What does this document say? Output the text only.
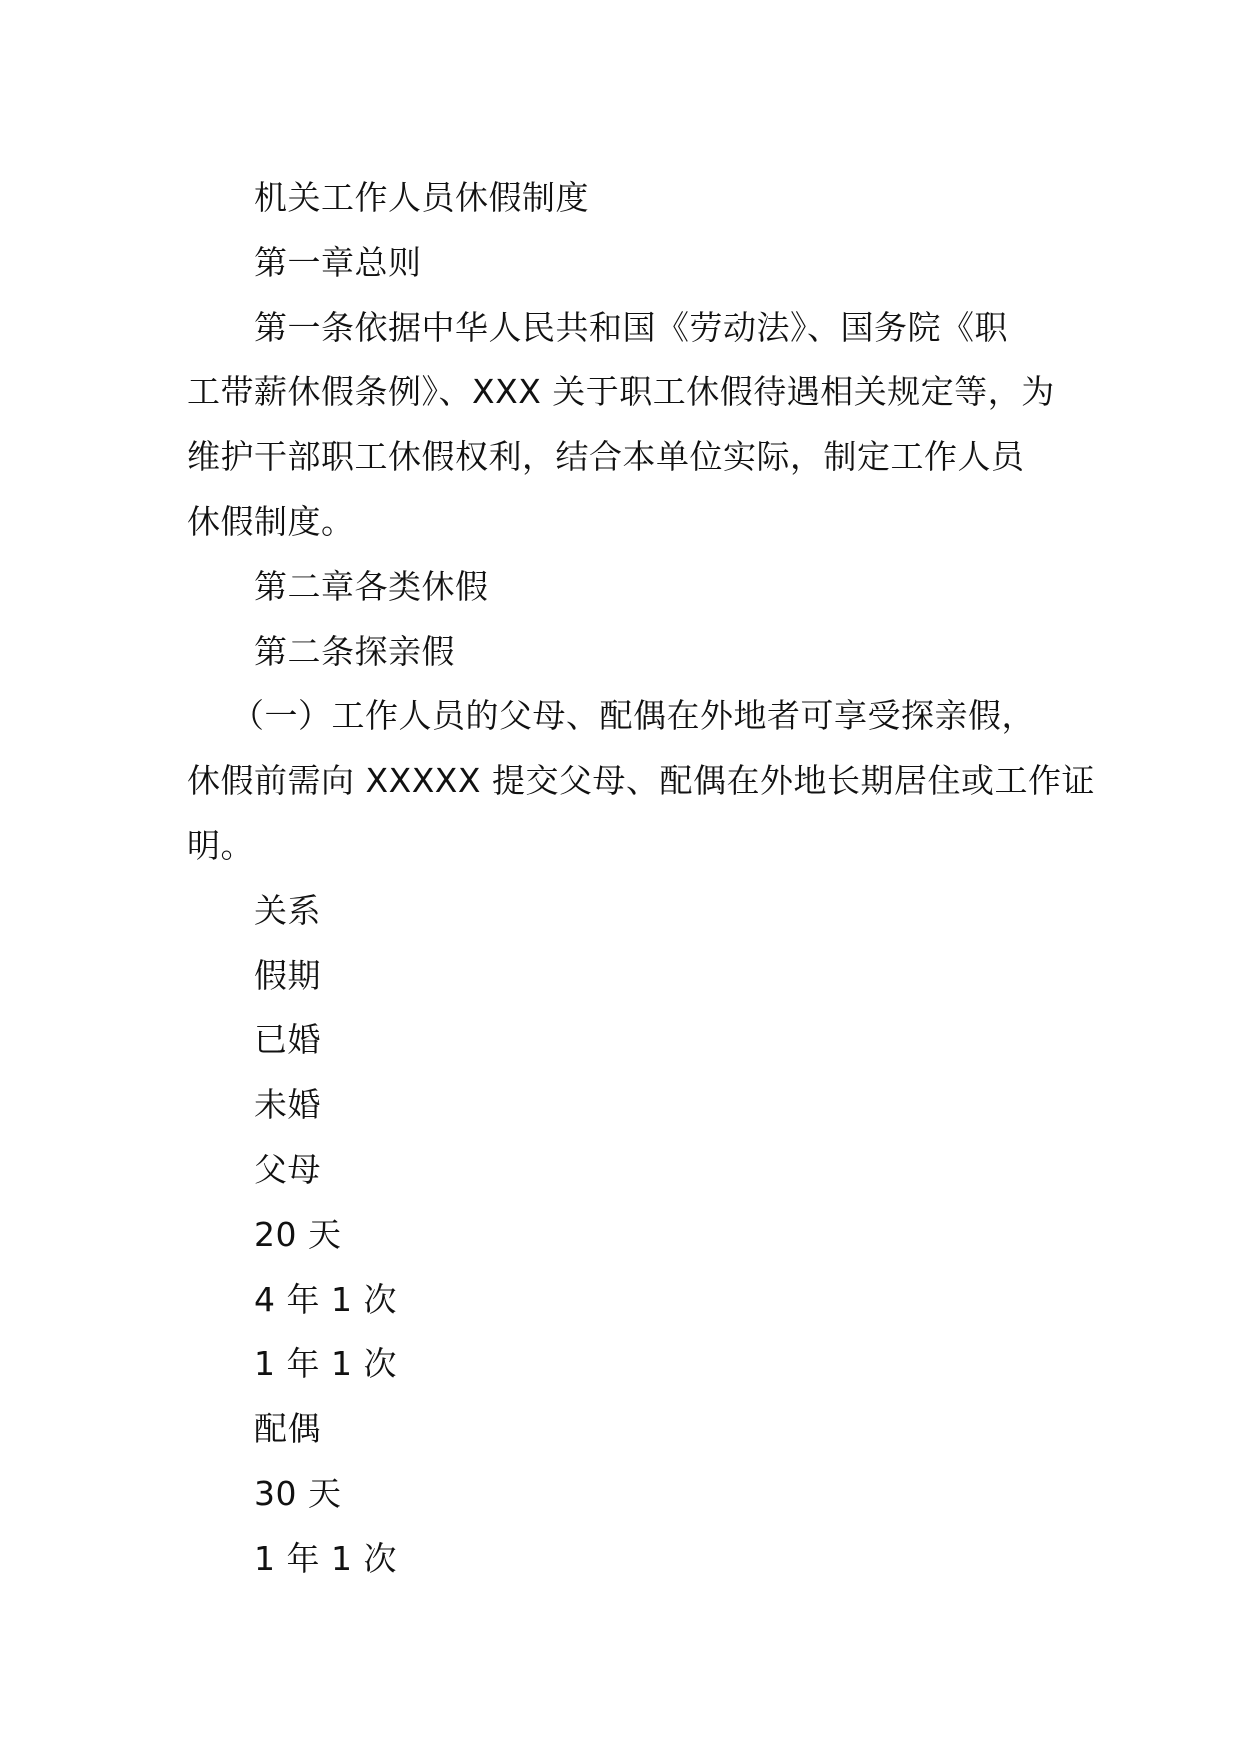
机关工作人员休假制度
第一章总则
第一条依据中华人民共和国《劳动法》、国务院《职
工带薪休假条例》、XXX 关于职工休假待遇相关规定等，为
维护干部职工休假权利，结合本单位实际，制定工作人员
休假制度。
第二章各类休假
第二条探亲假
（一）工作人员的父母、配偶在外地者可享受探亲假，
休假前需向 XXXXX 提交父母、配偶在外地长期居住或工作证
明。
关系
假期
已婚
未婚
父母
20 天
4 年 1 次
1 年 1 次
配偶
30 天
1 年 1 次
